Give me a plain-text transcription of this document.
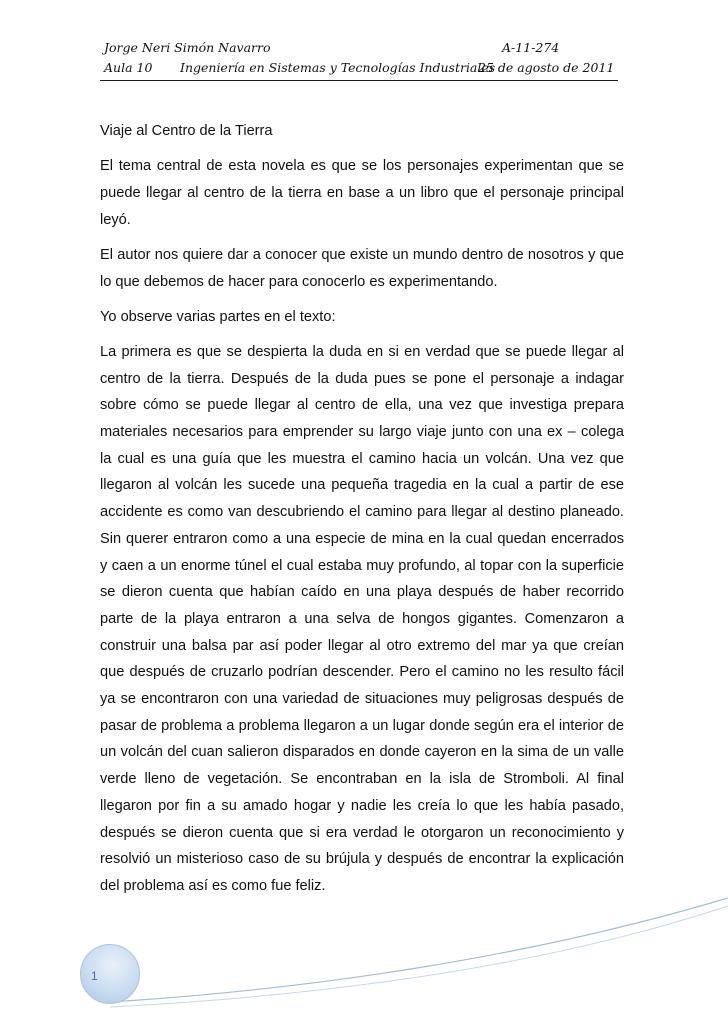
Jorge Neri Simón Navarro	A-11-274
Aula 10 Ingeniería en Sistemas y Tecnologías Industriales
25 de agosto de 2011

Viaje al Centro de la Tierra

El tema central de esta novela es que se los personajes experimentan que se puede llegar al centro de la tierra en base a un libro que el personaje principal leyó.

El autor nos quiere dar a conocer que existe un mundo dentro de nosotros y que lo que debemos de hacer para conocerlo es experimentando.

Yo observe varias partes en el texto:

La primera es que se despierta la duda en si en verdad que se puede llegar al centro de la tierra. Después de la duda pues se pone el personaje a indagar sobre cómo se puede llegar al centro de ella, una vez que investiga prepara materiales necesarios para emprender su largo viaje junto con una ex – colega la cual es una guía que les muestra el camino hacia un volcán. Una vez que llegaron al volcán les sucede una pequeña tragedia en la cual a partir de ese accidente es como van descubriendo el camino para llegar al destino planeado. Sin querer entraron como a una especie de mina en la cual quedan encerrados y caen a un enorme túnel el cual estaba muy profundo, al topar con la superficie se dieron cuenta que habían caído en una playa después de haber recorrido parte de la playa entraron a una selva de hongos gigantes. Comenzaron a construir una balsa par así poder llegar al otro extremo del mar ya que creían que después de cruzarlo podrían descender. Pero el camino no les resulto fácil ya se encontraron con una variedad de situaciones muy peligrosas después de pasar de problema a problema llegaron a un lugar donde según era el interior de un volcán del cuan salieron disparados en donde cayeron en la sima de un valle verde lleno de vegetación. Se encontraban en la isla de Stromboli. Al final llegaron por fin a su amado hogar y nadie les creía lo que les había pasado, después se dieron cuenta que si era verdad le otorgaron un reconocimiento y resolvió un misterioso caso de su brújula y después de encontrar la explicación del problema así es como fue feliz.

1
